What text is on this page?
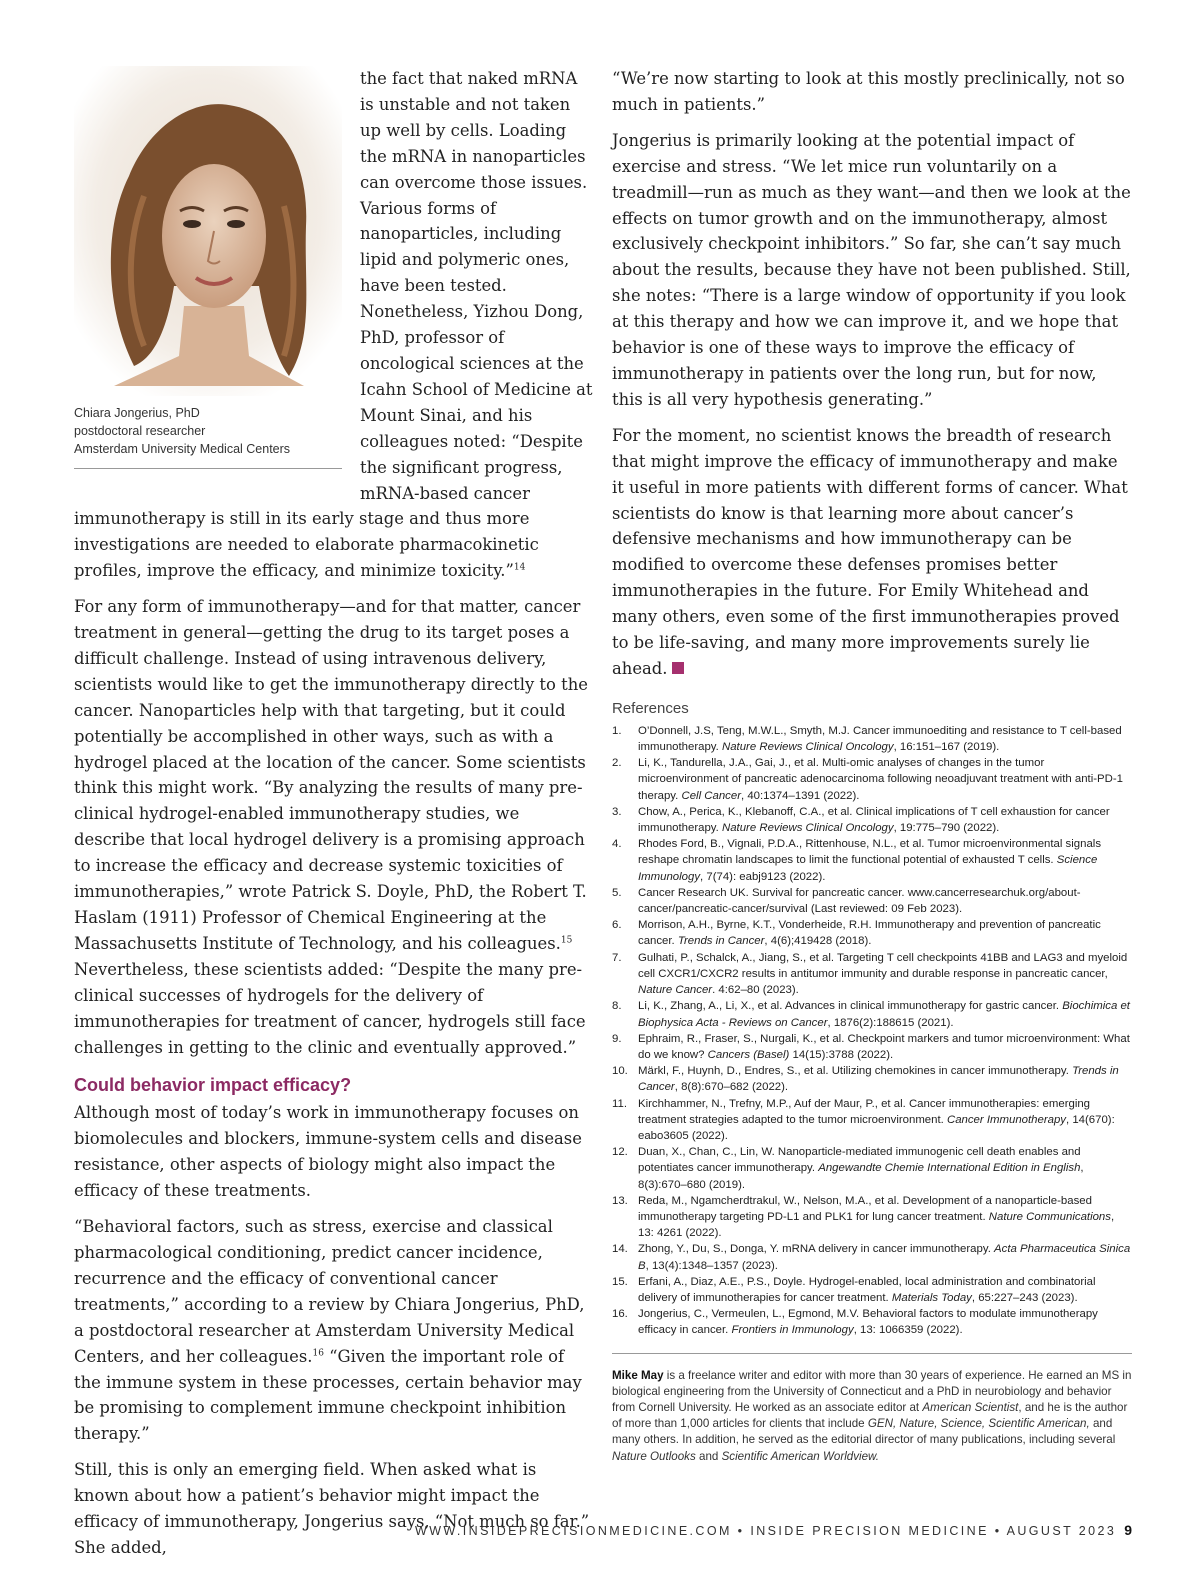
Chiara Jongerius, PhD
postdoctoral researcher
Amsterdam University Medical Centers

the fact that naked mRNA is unstable and not taken up well by cells. Loading the mRNA in nanoparticles can overcome those issues. Various forms of nanoparticles, including lipid and polymeric ones, have been tested. Nonetheless, Yizhou Dong, PhD, professor of oncological sciences at the Icahn School of Medicine at Mount Sinai, and his colleagues noted: “Despite the significant progress, mRNA-based cancer immunotherapy is still in its early stage and thus more investigations are needed to elaborate pharmacokinetic profiles, improve the efficacy, and minimize toxicity.”$^{14}$

For any form of immunotherapy—and for that matter, cancer treatment in general—getting the drug to its target poses a difficult challenge. Instead of using intravenous delivery, scientists would like to get the immunotherapy directly to the cancer. Nanoparticles help with that targeting, but it could potentially be accomplished in other ways, such as with a hydrogel placed at the location of the cancer. Some scientists think this might work. “By analyzing the results of many pre-clinical hydrogel-enabled immunotherapy studies, we describe that local hydrogel delivery is a promising approach to increase the efficacy and decrease systemic toxicities of immunotherapies,” wrote Patrick S. Doyle, PhD, the Robert T. Haslam (1911) Professor of Chemical Engineering at the Massachusetts Institute of Technology, and his colleagues.$^{15}$ Nevertheless, these scientists added: “Despite the many pre-clinical successes of hydrogels for the delivery of immunotherapies for treatment of cancer, hydrogels still face challenges in getting to the clinic and eventually approved.”

Could behavior impact efficacy?

Although most of today’s work in immunotherapy focuses on biomolecules and blockers, immune-system cells and disease resistance, other aspects of biology might also impact the efficacy of these treatments.

“Behavioral factors, such as stress, exercise and classical pharmacological conditioning, predict cancer incidence, recurrence and the efficacy of conventional cancer treatments,” according to a review by Chiara Jongerius, PhD, a postdoctoral researcher at Amsterdam University Medical Centers, and her colleagues.$^{16}$ “Given the important role of the immune system in these processes, certain behavior may be promising to complement immune checkpoint inhibition therapy.”

Still, this is only an emerging field. When asked what is known about how a patient’s behavior might impact the efficacy of immunotherapy, Jongerius says, “Not much so far.” She added,

“We’re now starting to look at this mostly preclinically, not so much in patients.”

Jongerius is primarily looking at the potential impact of exercise and stress. “We let mice run voluntarily on a treadmill—run as much as they want—and then we look at the effects on tumor growth and on the immunotherapy, almost exclusively checkpoint inhibitors.” So far, she can’t say much about the results, because they have not been published. Still, she notes: “There is a large window of opportunity if you look at this therapy and how we can improve it, and we hope that behavior is one of these ways to improve the efficacy of immunotherapy in patients over the long run, but for now, this is all very hypothesis generating.”

For the moment, no scientist knows the breadth of research that might improve the efficacy of immunotherapy and make it useful in more patients with different forms of cancer. What scientists do know is that learning more about cancer’s defensive mechanisms and how immunotherapy can be modified to overcome these defenses promises better immunotherapies in the future. For Emily Whitehead and many others, even some of the first immunotherapies proved to be life-saving, and many more improvements surely lie ahead.

References
1. O’Donnell, J.S, Teng, M.W.L., Smyth, M.J. Cancer immunoediting and resistance to T cell-based immunotherapy. Nature Reviews Clinical Oncology, 16:151–167 (2019).
2. Li, K., Tandurella, J.A., Gai, J., et al. Multi-omic analyses of changes in the tumor microenvironment of pancreatic adenocarcinoma following neoadjuvant treatment with anti-PD-1 therapy. Cell Cancer, 40:1374–1391 (2022).
3. Chow, A., Perica, K., Klebanoff, C.A., et al. Clinical implications of T cell exhaustion for cancer immunotherapy. Nature Reviews Clinical Oncology, 19:775–790 (2022).
4. Rhodes Ford, B., Vignali, P.D.A., Rittenhouse, N.L., et al. Tumor microenvironmental signals reshape chromatin landscapes to limit the functional potential of exhausted T cells. Science Immunology, 7(74): eabj9123 (2022).
5. Cancer Research UK. Survival for pancreatic cancer. www.cancerresearchuk.org/about-cancer/pancreatic-cancer/survival (Last reviewed: 09 Feb 2023).
6. Morrison, A.H., Byrne, K.T., Vonderheide, R.H. Immunotherapy and prevention of pancreatic cancer. Trends in Cancer, 4(6);419428 (2018).
7. Gulhati, P., Schalck, A., Jiang, S., et al. Targeting T cell checkpoints 41BB and LAG3 and myeloid cell CXCR1/CXCR2 results in antitumor immunity and durable response in pancreatic cancer, Nature Cancer. 4:62–80 (2023).
8. Li, K., Zhang, A., Li, X., et al. Advances in clinical immunotherapy for gastric cancer. Biochimica et Biophysica Acta - Reviews on Cancer, 1876(2):188615 (2021).
9. Ephraim, R., Fraser, S., Nurgali, K., et al. Checkpoint markers and tumor microenvironment: What do we know? Cancers (Basel) 14(15):3788 (2022).
10. Märkl, F., Huynh, D., Endres, S., et al. Utilizing chemokines in cancer immunotherapy. Trends in Cancer, 8(8):670–682 (2022).
11. Kirchhammer, N., Trefny, M.P., Auf der Maur, P., et al. Cancer immunotherapies: emerging treatment strategies adapted to the tumor microenvironment. Cancer Immunotherapy, 14(670): eabo3605 (2022).
12. Duan, X., Chan, C., Lin, W. Nanoparticle-mediated immunogenic cell death enables and potentiates cancer immunotherapy. Angewandte Chemie International Edition in English, 8(3):670–680 (2019).
13. Reda, M., Ngamcherdtrakul, W., Nelson, M.A., et al. Development of a nanoparticle-based immunotherapy targeting PD-L1 and PLK1 for lung cancer treatment. Nature Communications, 13: 4261 (2022).
14. Zhong, Y., Du, S., Donga, Y. mRNA delivery in cancer immunotherapy. Acta Pharmaceutica Sinica B, 13(4):1348–1357 (2023).
15. Erfani, A., Diaz, A.E., P.S., Doyle. Hydrogel-enabled, local administration and combinatorial delivery of immunotherapies for cancer treatment. Materials Today, 65:227–243 (2023).
16. Jongerius, C., Vermeulen, L., Egmond, M.V. Behavioral factors to modulate immunotherapy efficacy in cancer. Frontiers in Immunology, 13: 1066359 (2022).
Mike May is a freelance writer and editor with more than 30 years of experience. He earned an MS in biological engineering from the University of Connecticut and a PhD in neurobiology and behavior from Cornell University. He worked as an associate editor at American Scientist, and he is the author of more than 1,000 articles for clients that include GEN, Nature, Science, Scientific American, and many others. In addition, he served as the editorial director of many publications, including several Nature Outlooks and Scientific American Worldview.
WWW.INSIDEPRECISIONMEDICINE.COM • INSIDE PRECISION MEDICINE • AUGUST 2023 9
